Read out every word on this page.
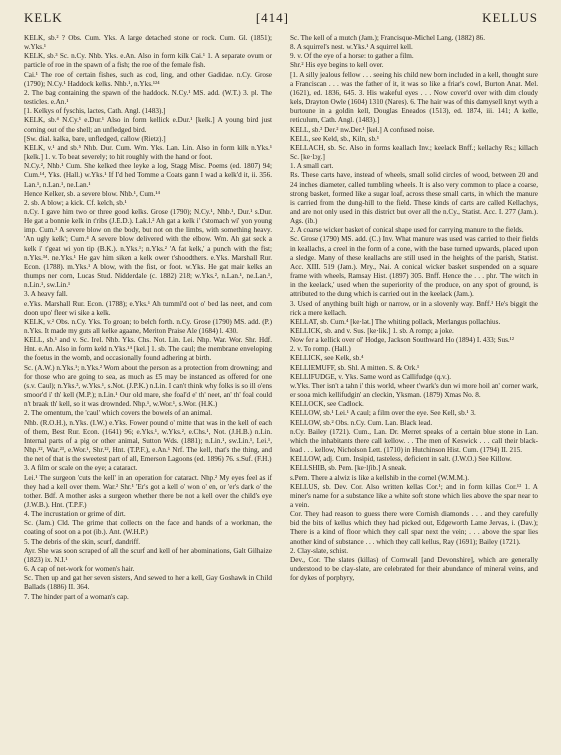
KELK	[414]	KELLUS

KELK, sb.² ? Obs. Cum. Yks. A large detached stone or rock. Cum. Gl. (1851); w.Yks.¹

KELK, sb.³ Sc. n.Cy. Nhb. Yks. e.An. Also in form kilk Cai.¹ 1. A separate ovum or particle of roe in the spawn of a fish; the roe of the female fish.

Cai.¹ The roe of certain fishes, such as cod, ling, and other Gadidae. n.Cy. Grose (1790); N.Cy.¹ Haddock kelks. Nhb.¹, n.Yks.¹²⁴

2. The bag containing the spawn of the haddock. N.Cy.¹ MS. add. (W.T.) 3. pl. The testicles. e.An.¹

[1. Kelkys of fyschis, lactes, Cath. Angl. (1483).]

KELK, sb.⁴ N.Cy.¹ e.Dur.¹ Also in form kellick e.Dur.¹ [kelk.] A young bird just coming out of the shell; an unfledged bird.

[Sw. dial. kalka, bare, unfledged, callow (Rietz).]

KELK, v.¹ and sb.⁵ Nhb. Dur. Cum. Wm. Yks. Lan. Lin. Also in form kilk n.Yks.¹ [kelk.] 1. v. To beat severely; to hit roughly with the hand or foot.

N.Cy.², Nhb.¹ Cum. She kelked thee leyke a log, Stagg Misc. Poems (ed. 1807) 94; Cum.¹⁴, Yks. (Hall.) w.Yks.¹ If I'd hed Tomme a Coats gann I wad a kelk'd it, ii. 356. Lan.¹, n.Lan.¹, ne.Lan.¹

Hence Kelker, sb. a severe blow. Nhb.¹, Cum.¹⁴

2. sb. A blow; a kick. Cf. kelch, sb.¹

n.Cy. I gave him two or three good kelks. Grose (1790); N.Cy.¹, Nhb.¹, Dur.¹ s.Dur. He gat a bonnie kelk in t'ribs (J.E.D.). Lak.l.² Ah gat a kelk i' t'stomach wi' yon young imp. Cum.¹ A severe blow on the body, but not on the limbs, with something heavy. 'An ugly kelk'; Cum.⁴ A severe blow delivered with the elbow. Wm. Ah gat seck a kelk i' t'geat wi yon tip (B.K.). n.Yks.¹; n.Yks.² 'A fat kelk,' a punch with the fist; n.Yks.³⁴. ne.Yks.¹ He gav him siken a kelk ower t'shoodthers. e.Yks. Marshall Rur. Econ. (1788). m.Yks.¹ A blow, with the fist, or foot. w.Yks. He gat mair kelks an thumps ner corn, Lucas Stud. Nidderdale (c. 1882) 218; w.Yks.², n.Lan.¹, ne.Lan.¹, n.Lin.¹, sw.Lin.¹

3. A heavy fall.

e.Yks. Marshall Rur. Econ. (1788); e.Yks.¹ Ah tumml'd oot o' bed las neet, and com doon upo' fleer wi sike a kelk.

KELK, v.² Obs. n.Cy. Yks. To groan; to belch forth. n.Cy. Grose (1790) MS. add. (P.) n.Yks. It made my guts all kelke agaane, Meriton Praise Ale (1684) l. 430.

KELL, sb.¹ and v. Sc. Irel. Nhb. Yks. Chs. Not. Lin. Lei. Nhp. War. Wor. Shr. Hdf. Hnt. e.An. Also in form keld n.Yks.¹⁴ [kel.] 1. sb. The caul; the membrane enveloping the foetus in the womb, and occasionally found adhering at birth.

Sc. (A.W.) n.Yks.¹; n.Yks.² Worn about the person as a protection from drowning; and for those who are going to sea, as much as £5 may be instanced as offered for one (s.v. Caul); n.Yks.³, w.Yks.¹, s.Not. (J.P.K.) n.Lin. I can't think why folks is so ill o'ens smoor'd i' th' kell (M.P.); n.Lin.¹ Our old mare, she foal'd e' th' neet, an' th' foal could n't braak th' kell, so it was drownded. Nhp.¹, w.Wor.¹, s.Wor. (H.K.)

2. The omentum, the 'caul' which covers the bowels of an animal.

Nhb. (R.O.H.), n.Yks. (I.W.) e.Yks. Fower pound o' mitte that was in the kell of each of them, Best Rur. Econ. (1641) 96; e.Yks.¹, w.Yks.², e.Chs.¹, Not. (J.H.B.) n.Lin. Internal parts of a pig or other animal, Sutton Wds. (1881); n.Lin.¹, sw.Lin.¹, Lei.¹, Nhp.¹², War.²³, e.Wor.¹, Shr.¹², Hnt. (T.P.F.), e.An.¹ Nrf. The kell, that's the thing, and the net of that is the sweetest part of all, Emerson Lagoons (ed. 1896) 76. s.Suf. (F.H.)

3. A film or scale on the eye; a cataract.

Lei.¹ The surgeon 'cuts the kell' in an operation for cataract. Nhp.² My eyes feel as if they had a kell over them. War.² Shr.¹ 'Er's got a kell o' won o' en, or 'er's dark o' the tother. Bdf. A mother asks a surgeon whether there be not a kell over the child's eye (J.W.B.). Hnt. (T.P.F.)

4. The incrustation or grime of dirt.

Sc. (Jam.) Cld. The grime that collects on the face and hands of a workman, the coating of soot on a pot (ib.). Ant. (W.H.P.)

5. The debris of the skin, scurf, dandriff.

Ayr. She was soon scraped of all the scurf and kell of her abominations, Galt Gilhaize (1823) ix. N.I.¹

6. A cap of net-work for women's hair.

Sc. Then up and gat her seven sisters, And sewed to her a kell, Gay Goshawk in Child Ballads (1886) II. 364.

7. The hinder part of a woman's cap.

Sc. The kell of a mutch (Jam.); Francisque-Michel Lang. (1882) 86.

8. A squirrel's nest. w.Yks.¹ A squirrel kell.

9. v. Of the eye of a horse: to gather a film.

Shr.² His eye begins to kell over.

[1. A silly jealous fellow . . . seeing his child new born included in a kell, thought sure a Franciscan . . . was the father of it, it was so like a friar's cowl, Burton Anat. Mel. (1621), ed. 1836, 645. 3. His wakeful eyes . . . Now cover'd over with dim cloudy kels, Drayton Owle (1604) 1310 (Nares). 6. The hair was of this damysell knyt wyth a burtoune in a goldin kell, Douglas Eneados (1513), ed. 1874, iii. 141; A kelle, reticulum, Cath. Angl. (1483).]

KELL, sb.² Der.² nw.Der.¹ [kel.] A confused noise.

KELL, see Keld, sb., Kiln, sb.¹

KELLACH, sb. Sc. Also in forms keallach Inv.; keelack Bnff.; kellachy Rs.; killach Sc. [ke·lɔχ.]

1. A small cart.

Rs. These carts have, instead of wheels, small solid circles of wood, between 20 and 24 inches diameter, called tumbling wheels. It is also very common to place a coarse, strong basket, formed like a sugar loaf, across these small carts, in which the manure is carried from the dung-hill to the field. These kinds of carts are called Kellachys, and are not only used in this district but over all the n.Cy., Statist. Acc. I. 277 (Jam.). Ags. (ib.)

2. A coarse wicker basket of conical shape used for carrying manure to the fields.

Sc. Grose (1790) MS. add. (C.) Inv. What manure was used was carried to their fields in keallachs, a creel in the form of a cone, with the base turned upwards, placed upon a sledge. Many of these keallachs are still used in the heights of the parish, Statist. Acc. XIII. 519 (Jam.). Mry., Nai. A conical wicker basket suspended on a square frame with wheels, Ramsay Hist. (1897) 305. Bnff. Hence the . . . phr. 'The witch in in the keelack,' used when the superiority of the produce, on any spot of ground, is attributed to the dung which is carried out in the keelack (Jam.).

3. Used of anything built high or narrow, or in a slovenly way. Bnff.¹ He's biggit the rick a mere kellach.

KELLAT, sb. Cum.⁴ [ke·lət.] The whiting pollack, Merlangus pollachius.

KELLICK, sb. and v. Sus. [ke·lik.] 1. sb. A romp; a joke.

Now fer a kellick over ol' Hodge, Jackson Southward Ho (1894) I. 433; Sus.¹²

2. v. To romp. (Hall.)

KELLICK, see Kelk, sb.⁴

KELLIEMUFF, sb. Shl. A mitten. S. & Ork.¹

KELLIFUDGE, v. Yks. Same word as Callifudge (q.v.).

w.Yks. Ther isn't a tahn i' this world, wheer t'wark's dun wi more hoil an' corner wark, er sooa mich kellifudgin' an cleckin, Yksman. (1879) Xmas No. 8.

KELLOCK, see Cadlock.

KELLOW, sb.¹ Lei.¹ A caul; a film over the eye. See Kell, sb.¹ 3.

KELLOW, sb.² Obs. n.Cy. Cum. Lan. Black lead.

n.Cy. Bailey (1721). Cum., Lan. Dr. Merret speaks of a certain blue stone in Lan. which the inhabitants there call kellow. . . The men of Keswick . . . call their black-lead . . . kellow, Nicholson Lett. (1710) in Hutchinson Hist. Cum. (1794) II. 215.

KELLOW, adj. Cum. Insipid, tasteless, deficient in salt. (J.W.O.) See Killow.

KELLSHIB, sb. Pem. [ke·lʃib.] A sneak.

s.Pem. There a alwiz is like a kellshib in the cornel (W.M.M.).

KELLUS, sb. Dev. Cor. Also written kellas Cor.¹; and in form killas Cor.¹² 1. A miner's name for a substance like a white soft stone which lies above the spar near to a vein.

Cor. They had reason to guess there were Cornish diamonds . . . and they carefully bid the bits of kellus which they had picked out, Edgeworth Lame Jervas, i. (Dav.); There is a kind of floor which they call spar next the vein; . . . above the spar lies another kind of substance . . . which they call kellus, Ray (1691); Bailey (1721).

2. Clay-slate, schist.

Dev., Cor. The slates (killas) of Cornwall [and Devonshire], which are generally understood to be clay-slate, are celebrated for their abundance of mineral veins, and for dykes of porphyry,
